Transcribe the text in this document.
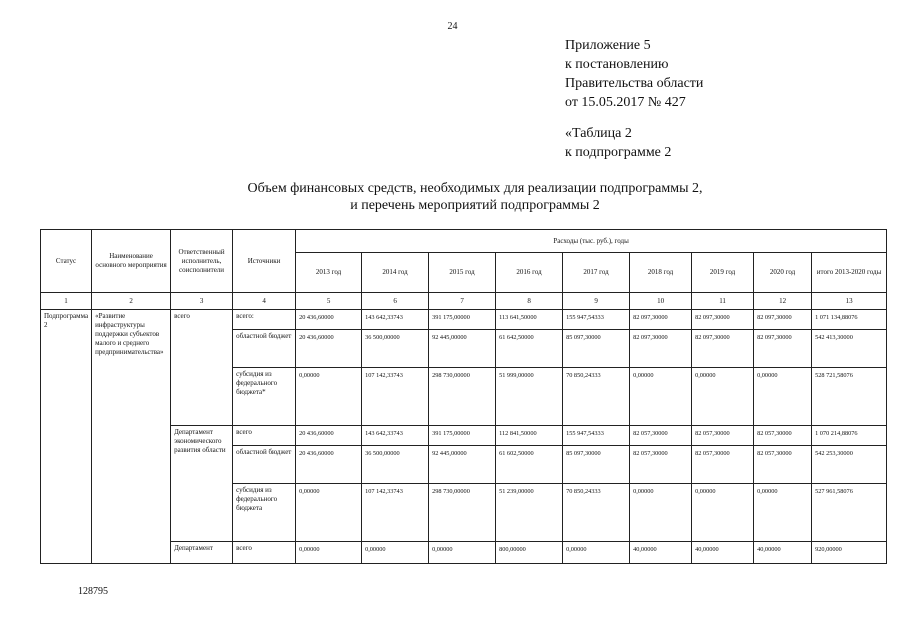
24
Приложение 5
к постановлению
Правительства области
от 15.05.2017 № 427
«Таблица 2
к подпрограмме 2
Объем финансовых средств, необходимых для реализации подпрограммы 2,
и перечень мероприятий подпрограммы 2
Статус	Наименование основного мероприятия	Ответственный исполнитель, соисполнители	Источники	Расходы (тыс. руб.), годы								
				2013 год	2014 год	2015 год	2016 год	2017 год	2018 год	2019 год	2020 год	итого 2013-2020 годы
1	2	3	4	5	6	7	8	9	10	11	12	13
Подпрограмма 2	«Развитие инфраструктуры поддержки субъектов малого и среднего предпринимательства»	всего	всего:	20 436,60000	143 642,33743	391 175,00000	113 641,50000	155 947,54333	82 097,30000	82 097,30000	82 097,30000	1 071 134,88076
			областной бюджет	20 436,60000	36 500,00000	92 445,00000	61 642,50000	85 097,30000	82 097,30000	82 097,30000	82 097,30000	542 413,30000
			субсидия из федерального бюджета*	0,00000	107 142,33743	298 730,00000	51 999,00000	70 850,24333	0,00000	0,00000	0,00000	528 721,58076
		Департамент экономического развития области	всего	20 436,60000	143 642,33743	391 175,00000	112 841,50000	155 947,54333	82 057,30000	82 057,30000	82 057,30000	1 070 214,88076
			областной бюджет	20 436,60000	36 500,00000	92 445,00000	61 602,50000	85 097,30000	82 057,30000	82 057,30000	82 057,30000	542 253,30000
			субсидия из федерального бюджета	0,00000	107 142,33743	298 730,00000	51 239,00000	70 850,24333	0,00000	0,00000	0,00000	527 961,58076
		Департамент	всего	0,00000	0,00000	0,00000	800,00000	0,00000	40,00000	40,00000	40,00000	920,00000
128795
